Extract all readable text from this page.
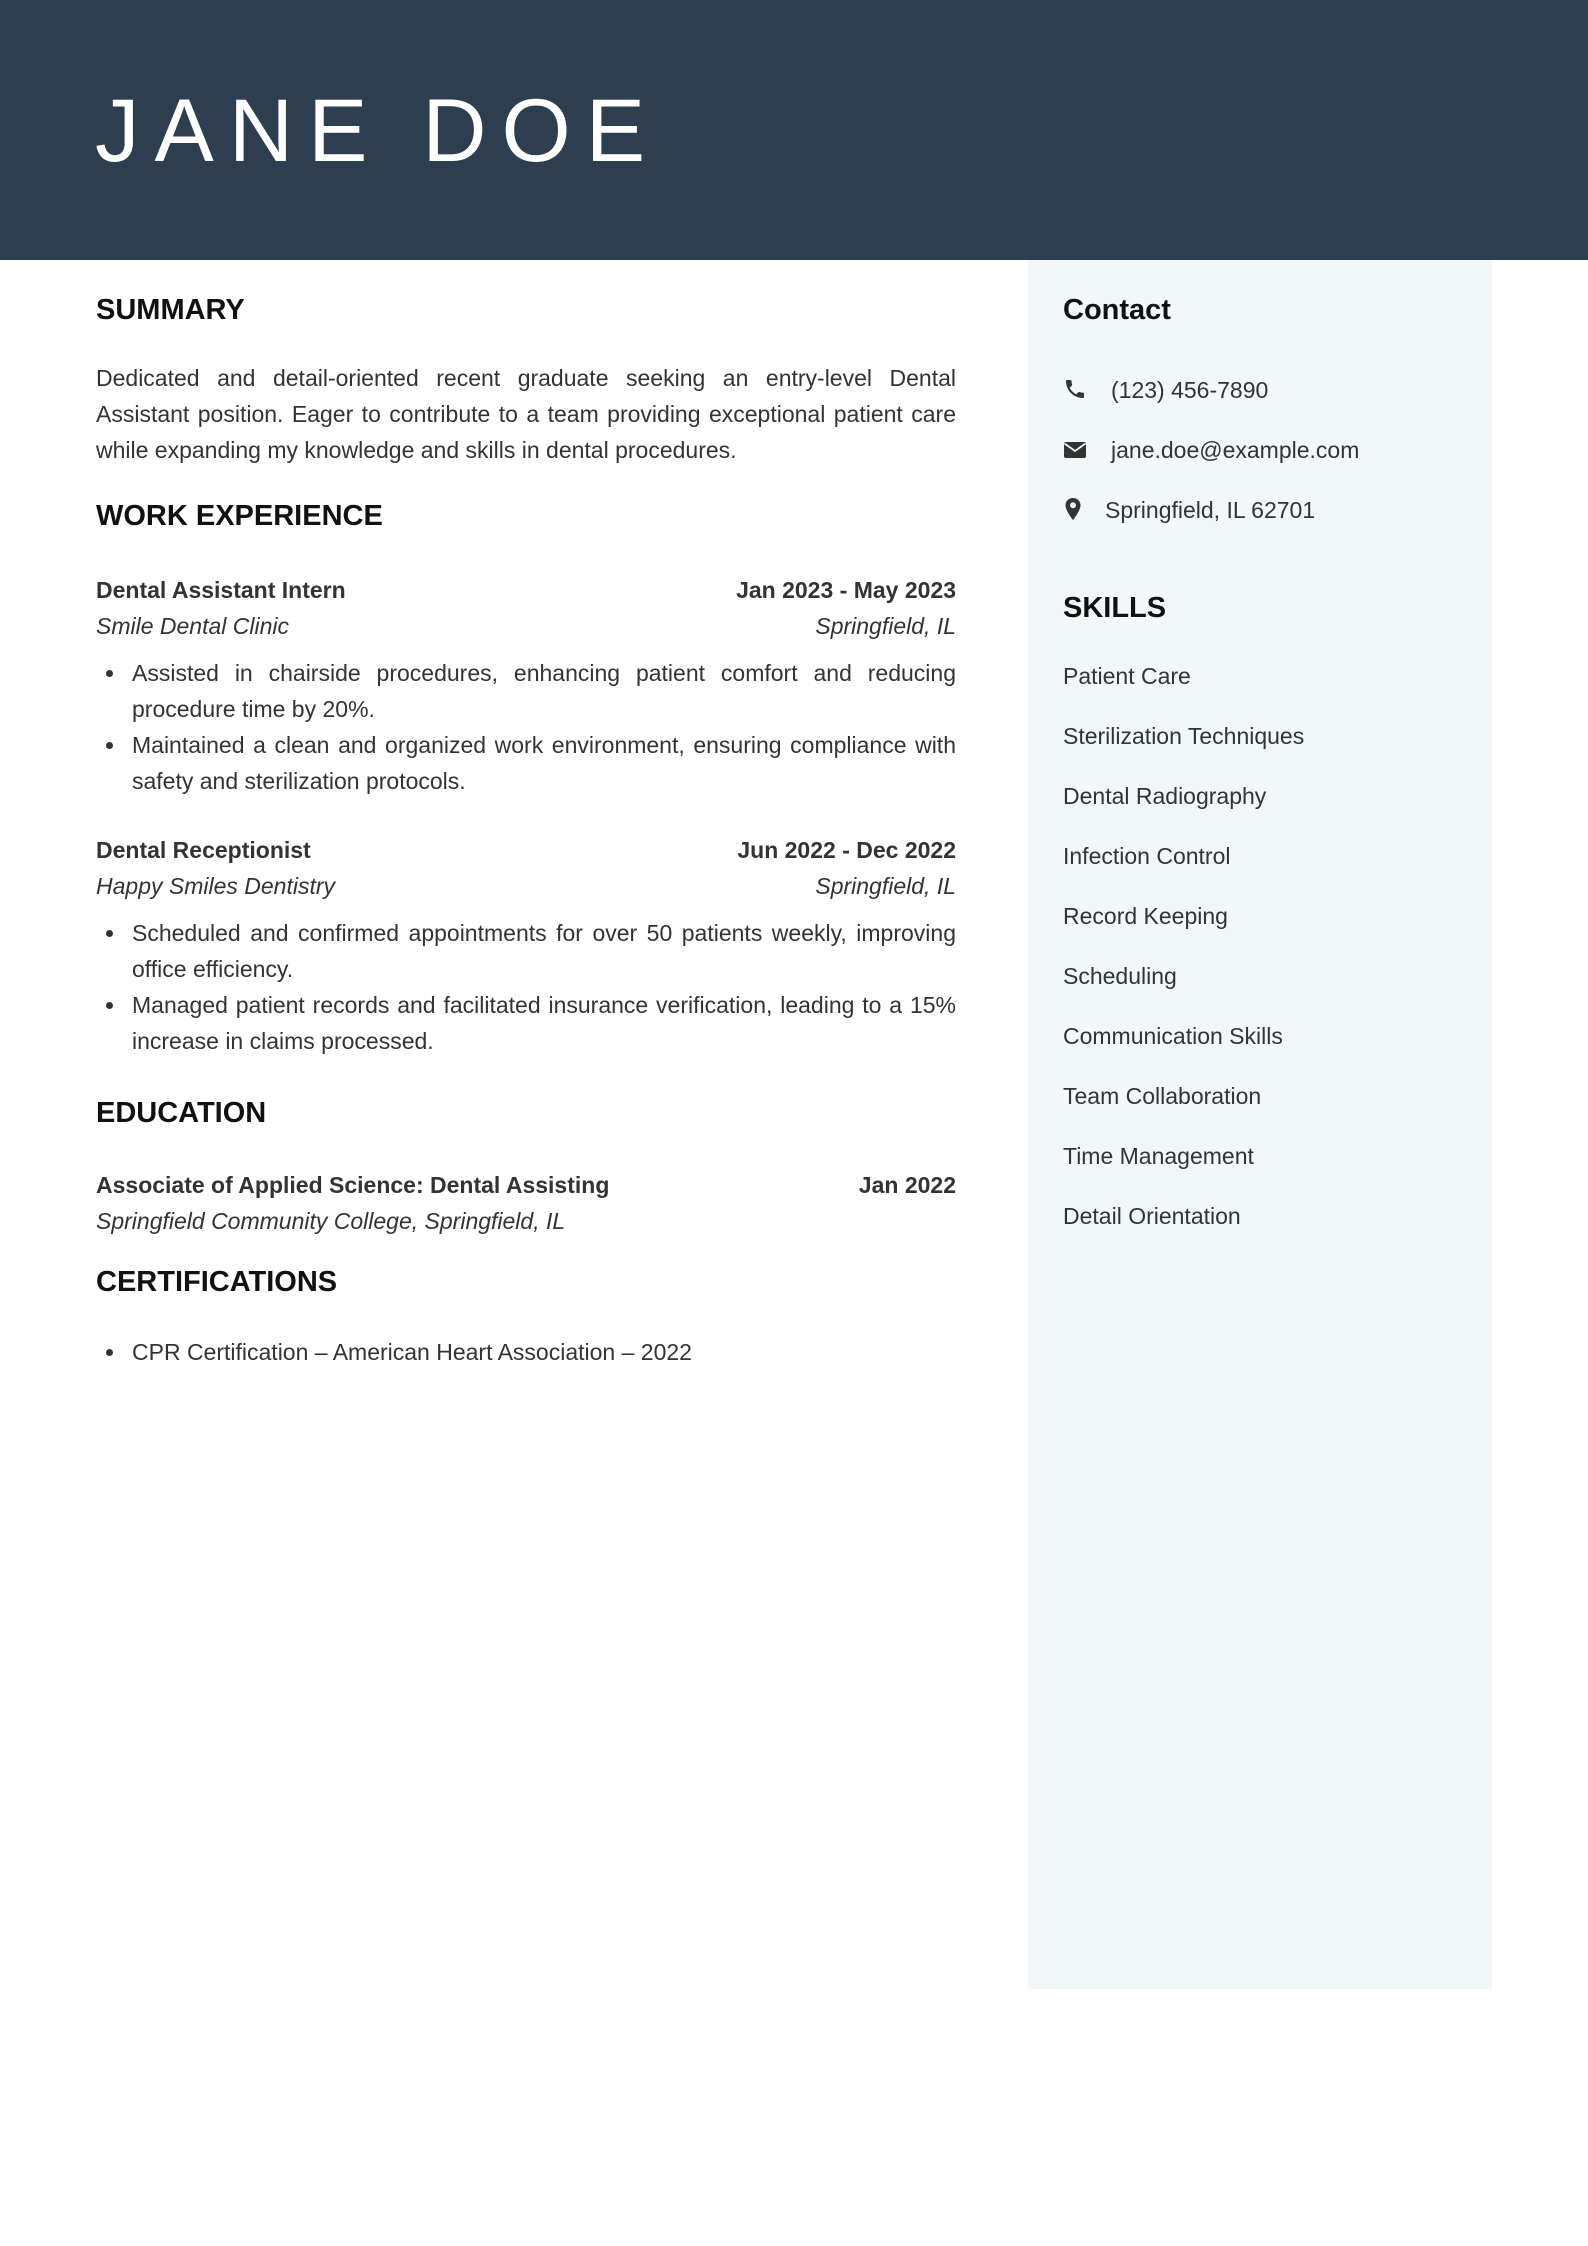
JANE DOE
SUMMARY
Dedicated and detail-oriented recent graduate seeking an entry-level Dental Assistant position. Eager to contribute to a team providing exceptional patient care while expanding my knowledge and skills in dental procedures.
WORK EXPERIENCE
Dental Assistant Intern	Jan 2023 - May 2023
Smile Dental Clinic	Springfield, IL
Assisted in chairside procedures, enhancing patient comfort and reducing procedure time by 20%.
Maintained a clean and organized work environment, ensuring compliance with safety and sterilization protocols.
Dental Receptionist	Jun 2022 - Dec 2022
Happy Smiles Dentistry	Springfield, IL
Scheduled and confirmed appointments for over 50 patients weekly, improving office efficiency.
Managed patient records and facilitated insurance verification, leading to a 15% increase in claims processed.
EDUCATION
Associate of Applied Science: Dental Assisting	Jan 2022
Springfield Community College, Springfield, IL
CERTIFICATIONS
CPR Certification – American Heart Association – 2022
Contact
(123) 456-7890
jane.doe@example.com
Springfield, IL 62701
SKILLS
Patient Care
Sterilization Techniques
Dental Radiography
Infection Control
Record Keeping
Scheduling
Communication Skills
Team Collaboration
Time Management
Detail Orientation
